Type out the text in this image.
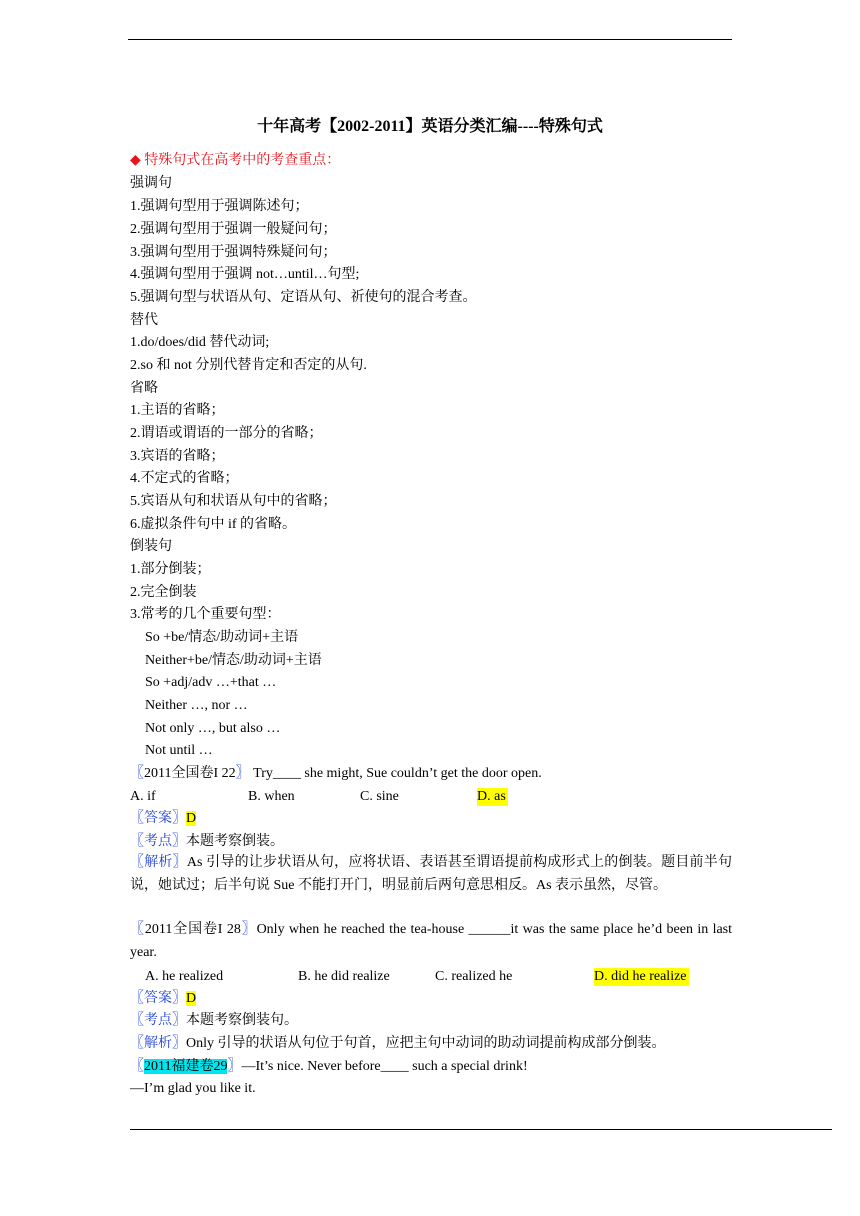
十年高考【2002-2011】英语分类汇编----特殊句式
◆ 特殊句式在高考中的考查重点：
强调句
1.强调句型用于强调陈述句；
2.强调句型用于强调一般疑问句；
3.强调句型用于强调特殊疑问句；
4.强调句型用于强调 not…until…句型;
5.强调句型与状语从句、定语从句、祈使句的混合考查。
替代
1.do/does/did 替代动词;
2.so 和 not 分别代替肯定和否定的从句.
省略
1.主语的省略；
2.谓语或谓语的一部分的省略；
3.宾语的省略；
4.不定式的省略；
5.宾语从句和状语从句中的省略；
6.虚拟条件句中 if 的省略。
倒装句
1.部分倒装；
2.完全倒装
3.常考的几个重要句型：
So +be/情态/助动词+主语
Neither+be/情态/助动词+主语
So +adj/adv …+that …
Neither …, nor …
Not only …, but also …
Not until …
〖2011全国卷I 22〗 Try____ she might, Sue couldn’t get the door open.
A. if	B. when	C. sine	D. as
〖答案〗D
〖考点〗本题考察倒装。
〖解析〗As 引导的让步状语从句，应将状语、表语甚至谓语提前构成形式上的倒装。题目前半句说，她试过；后半句说 Sue 不能打开门，明显前后两句意思相反。As 表示虽然，尽管。
〖2011全国卷I 28〗Only when he reached the tea-house ______it was the same place he’d been in last year.
A. he realized	B. he did realize	C. realized he	D. did he realize
〖答案〗D
〖考点〗本题考察倒装句。
〖解析〗Only 引导的状语从句位于句首，应把主句中动词的助动词提前构成部分倒装。
〖2011福建卷29〗—It’s nice. Never before____ such a special drink!
—I’m glad you like it.
